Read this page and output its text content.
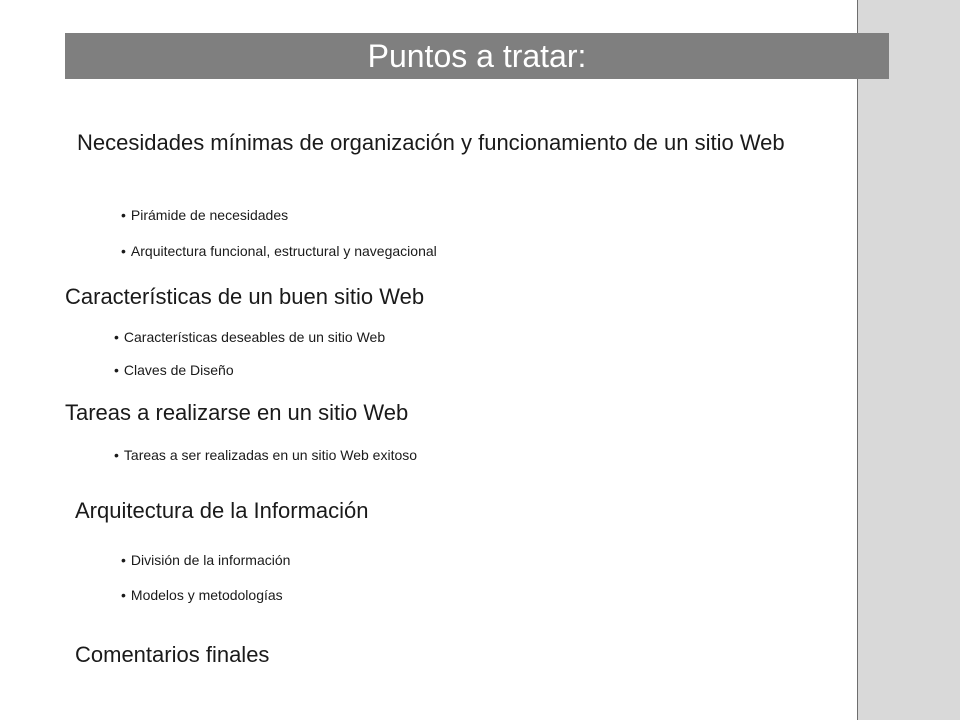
Puntos a tratar:
Necesidades mínimas de organización y funcionamiento de un sitio Web
• Pirámide de necesidades
• Arquitectura funcional, estructural y navegacional
Características de un buen sitio Web
• Características deseables de un sitio Web
• Claves de Diseño
Tareas a realizarse en un sitio Web
• Tareas a ser realizadas en un sitio Web exitoso
Arquitectura de la Información
• División de la información
• Modelos y metodologías
Comentarios finales
